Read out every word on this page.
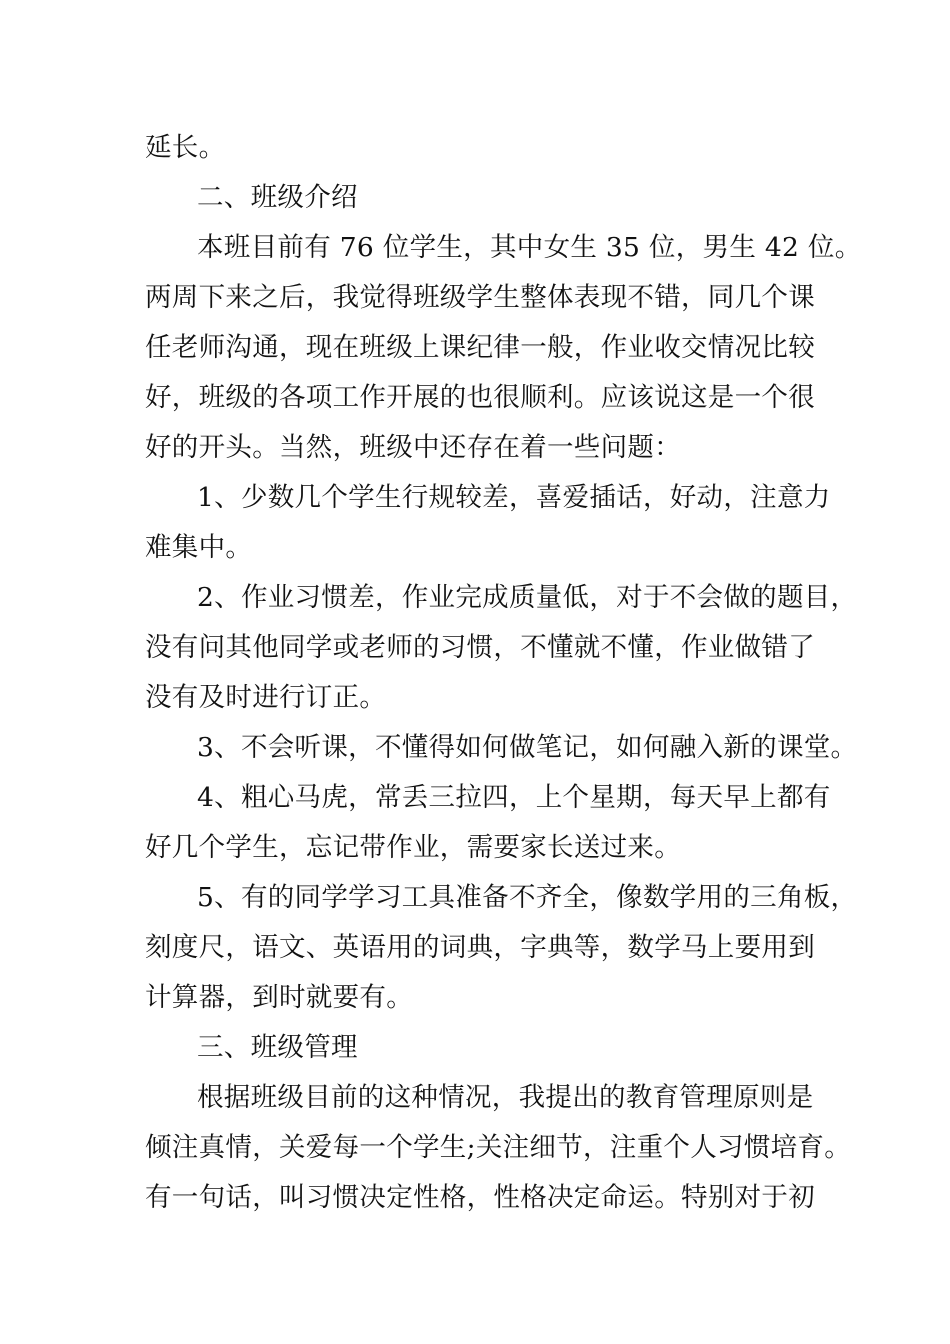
延长。
二、班级介绍
本班目前有 76 位学生，其中女生 35 位，男生 42 位。
两周下来之后，我觉得班级学生整体表现不错，同几个课
任老师沟通，现在班级上课纪律一般，作业收交情况比较
好，班级的各项工作开展的也很顺利。应该说这是一个很
好的开头。当然，班级中还存在着一些问题：
1、少数几个学生行规较差，喜爱插话，好动，注意力
难集中。
2、作业习惯差，作业完成质量低，对于不会做的题目，
没有问其他同学或老师的习惯，不懂就不懂，作业做错了
没有及时进行订正。
3、不会听课，不懂得如何做笔记，如何融入新的课堂。
4、粗心马虎，常丢三拉四，上个星期，每天早上都有
好几个学生，忘记带作业，需要家长送过来。
5、有的同学学习工具准备不齐全，像数学用的三角板，
刻度尺，语文、英语用的词典，字典等，数学马上要用到
计算器，到时就要有。
三、班级管理
根据班级目前的这种情况，我提出的教育管理原则是
倾注真情，关爱每一个学生;关注细节，注重个人习惯培育。
有一句话，叫习惯决定性格，性格决定命运。特别对于初
